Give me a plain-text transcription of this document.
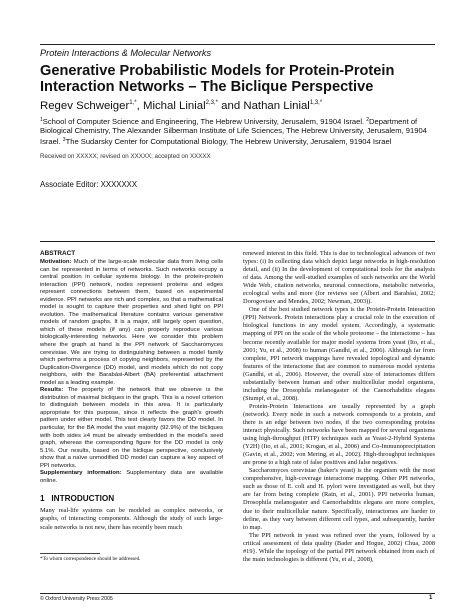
Protein Interactions & Molecular Networks

Generative Probabilistic Models for Protein-Protein Interaction Networks – The Biclique Perspective

Regev Schweiger$^{1,*}$, Michal Linial$^{2,3,*}$ and Nathan Linial$^{1,3,*}$

$^1$School of Computer Science and Engineering, The Hebrew University, Jerusalem, 91904 Israel. $^2$Department of Biological Chemistry, The Alexander Silberman Institute of Life Sciences, The Hebrew University, Jerusalem, 91904 Israel. $^3$The Sudarsky Center for Computational Biology, The Hebrew University, Jerusalem, 91904 Israel

Received on XXXXX; revised on XXXXX; accepted on XXXXX

Associate Editor: XXXXXXX

ABSTRACT

Motivation: Much of the large-scale molecular data from living cells can be represented in terms of networks. Such networks occupy a central position in cellular systems biology. In the protein-protein interaction (PPI) network, nodes represent proteins and edges represent connections between them, based on experimental evidence. PPI networks are rich and complex, so that a mathematical model is sought to capture their properties and shed light on PPI evolution. The mathematical literature contains various generative models of random graphs. It is a major, still largely open question, which of these models (if any) can properly reproduce various biologically-interesting networks. Here we consider this problem where the graph at hand is the PPI network of Saccharomyces cerevisiae. We are trying to distinguishing between a model family which performs a process of copying neighbors, represented by the Duplication-Divergence (DD) model, and models which do not copy neighbors, with the Barabási-Albert (BA) preferential attachment model as a leading example.

Results: The property of the network that we observe is the distribution of maximal bicliques in the graph. This is a novel criterion to distinguish between models in this area. It is particularly appropriate for this purpose, since it reflects the graph's growth pattern under either model. This test clearly favors the DD model. In particular, for the BA model the vast majority (92.9%) of the bicliques with both sides ≥4 must be already embedded in the model's seed graph, whereas the corresponding figure for the DD model is only 5.1%. Our results, based on the biclique perspective, conclusively show that a naïve unmodified DD model can capture a key aspect of PPI networks.

Supplementary information: Supplementary data are available online.

1 INTRODUCTION

Many real-life systems can be modeled as complex networks, or graphs, of interacting components. Although the study of such large-scale networks is not new, there has recently been much

*To whom correspondence should be addressed.

renewed interest in this field. This is due to technological advances of two types: (i) In collecting data which depict large networks in high-resolution detail, and (ii) In the development of computational tools for the analysis of data. Among the well-studied examples of such networks are the World Wide Web, citation networks, neuronal connections, metabolic networks, ecological webs and more (for reviews see (Albert and Barabási, 2002; Dorogovtsev and Mendes, 2002; Newman, 2003)).

One of the best studied network types is the Protein-Protein Interaction (PPI) Network. Protein interactions play a crucial role in the execution of biological functions in any model system. Accordingly, a systematic mapping of PPI on the scale of the whole proteome – the interactome – has become recently available for major model systems from yeast (Ito, et al., 2001; Yu, et al., 2008) to human (Gandhi, et al., 2006). Although far from complete, PPI network mappings have revealed topological and dynamic features of the interactome that are common to numerous model systems (Gandhi, et al., 2006). However, the overall size of interactomes differs substantially between human and other multicellular model organisms, including the Drosophila melanogaster of the Caenorhabditis elegans (Stumpf, et al., 2008).

Protein-Protein Interactions are usually represented by a graph (network). Every node in such a network corresponds to a protein, and there is an edge between two nodes, if the two corresponding proteins interact physically. Such networks have been mapped for several organisms using high-throughput (HTP) techniques such as Yeast-2-Hybrid Systems (Y2H) (Ito, et al., 2001; Krogan, et al., 2006) and Co-Immunoprecipitation (Gavin, et al., 2002; von Mering, et al., 2002). High-throughput techniques are prone to a high rate of false positives and false negatives.

Saccharomyces cerevisiae (baker's yeast) is the organism with the most comprehensive, high-coverage interactome mapping. Other PPI networks, such as those of E. coli and H. pylori were investigated as well, but they are far from being complete (Rain, et al., 2001). PPI networks human, Drosophila melanogaster and Caenorhabditis elegans are more complex, due to their multicellular nature. Specifically, interactomes are harder to define, as they vary between different cell types, and subsequently, harder to map.

The PPI network in yeast was refined over the years, followed by a critical assessment of data quality (Bader and Hogue, 2002) Chua, 2008 #19}. While the topology of the partial PPI network obtained from each of the main technologies is different (Yu, et al., 2008),

© Oxford University Press 2005	1
